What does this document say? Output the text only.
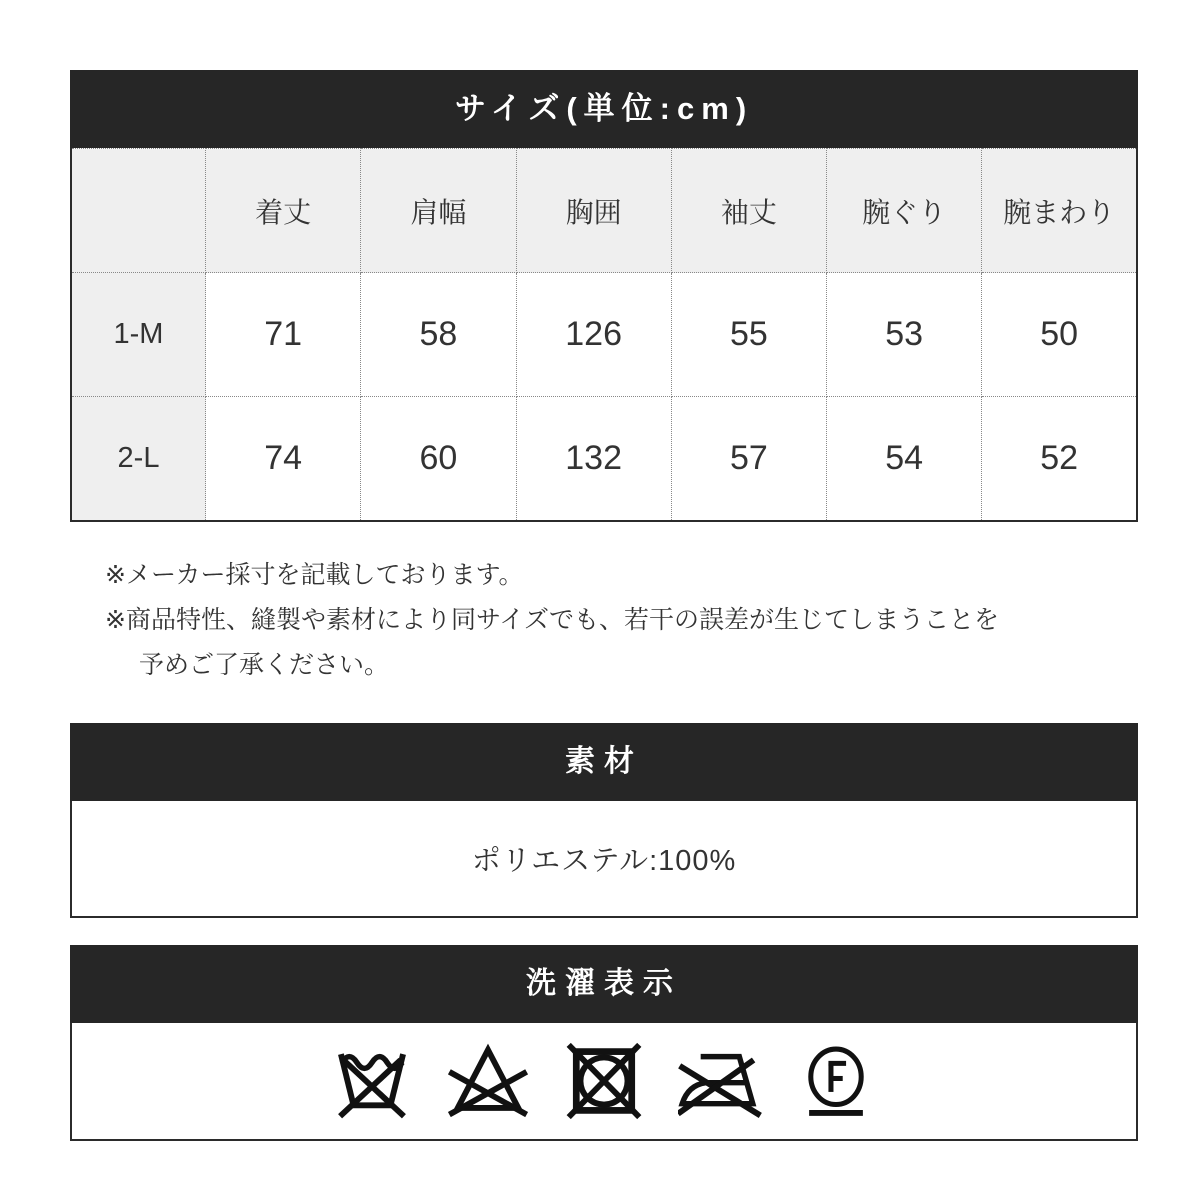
サイズ(単位:cm)
	着丈	肩幅	胸囲	袖丈	腕ぐり	腕まわり
1-M	71	58	126	55	53	50
2-L	74	60	132	57	54	52
※メーカー採寸を記載しております。
※商品特性、縫製や素材により同サイズでも、若干の誤差が生じてしまうことを
予めご了承ください。
素材
ポリエステル:100%
洗濯表示
